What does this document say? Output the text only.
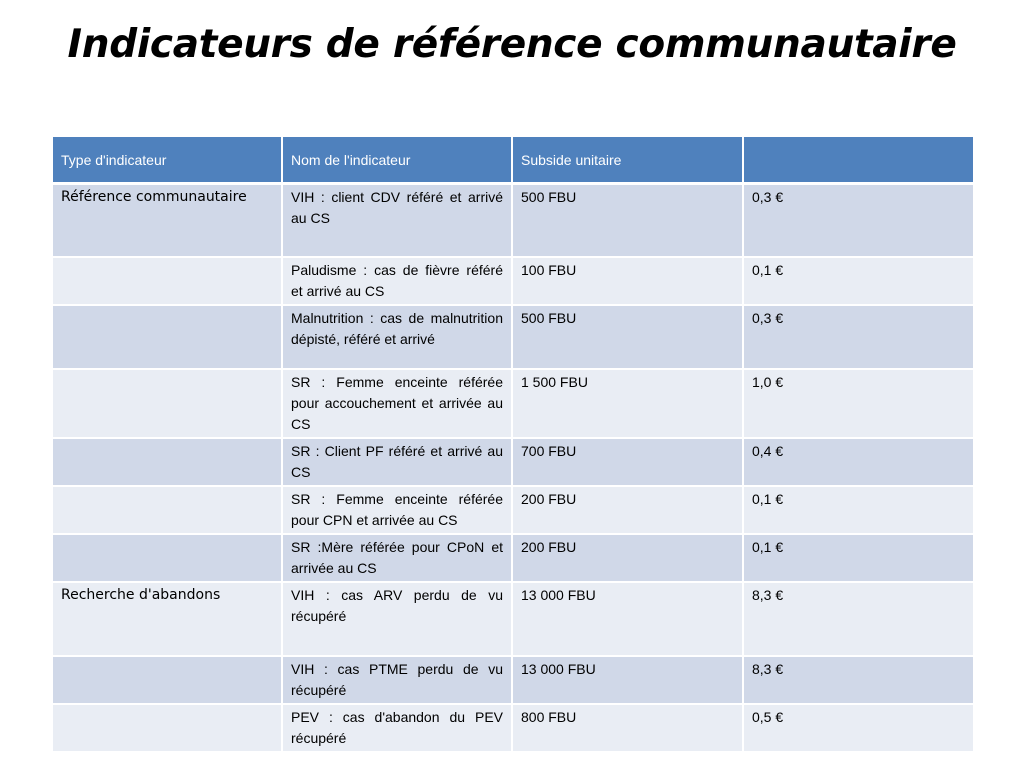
Indicateurs de référence communautaire
Type d'indicateur	Nom de l'indicateur	Subside unitaire	
Référence communautaire	VIH : client CDV référé et arrivé au CS	500 FBU	0,3 €
	Paludisme : cas de fièvre référé et arrivé au CS	100 FBU	0,1 €
	Malnutrition : cas de malnutrition dépisté, référé et arrivé	500 FBU	0,3 €
	SR : Femme enceinte référée pour accouchement et arrivée au CS	1 500 FBU	1,0 €
	SR : Client PF référé et arrivé au CS	700 FBU	0,4 €
	SR : Femme enceinte référée pour CPN et arrivée au CS	200 FBU	0,1 €
	SR :Mère référée pour CPoN et arrivée au CS	200 FBU	0,1 €
Recherche d'abandons	VIH : cas ARV perdu de vu récupéré	13 000 FBU	8,3 €
	VIH : cas PTME perdu de vu récupéré	13 000 FBU	8,3 €
	PEV : cas d'abandon du PEV récupéré	800 FBU	0,5 €
